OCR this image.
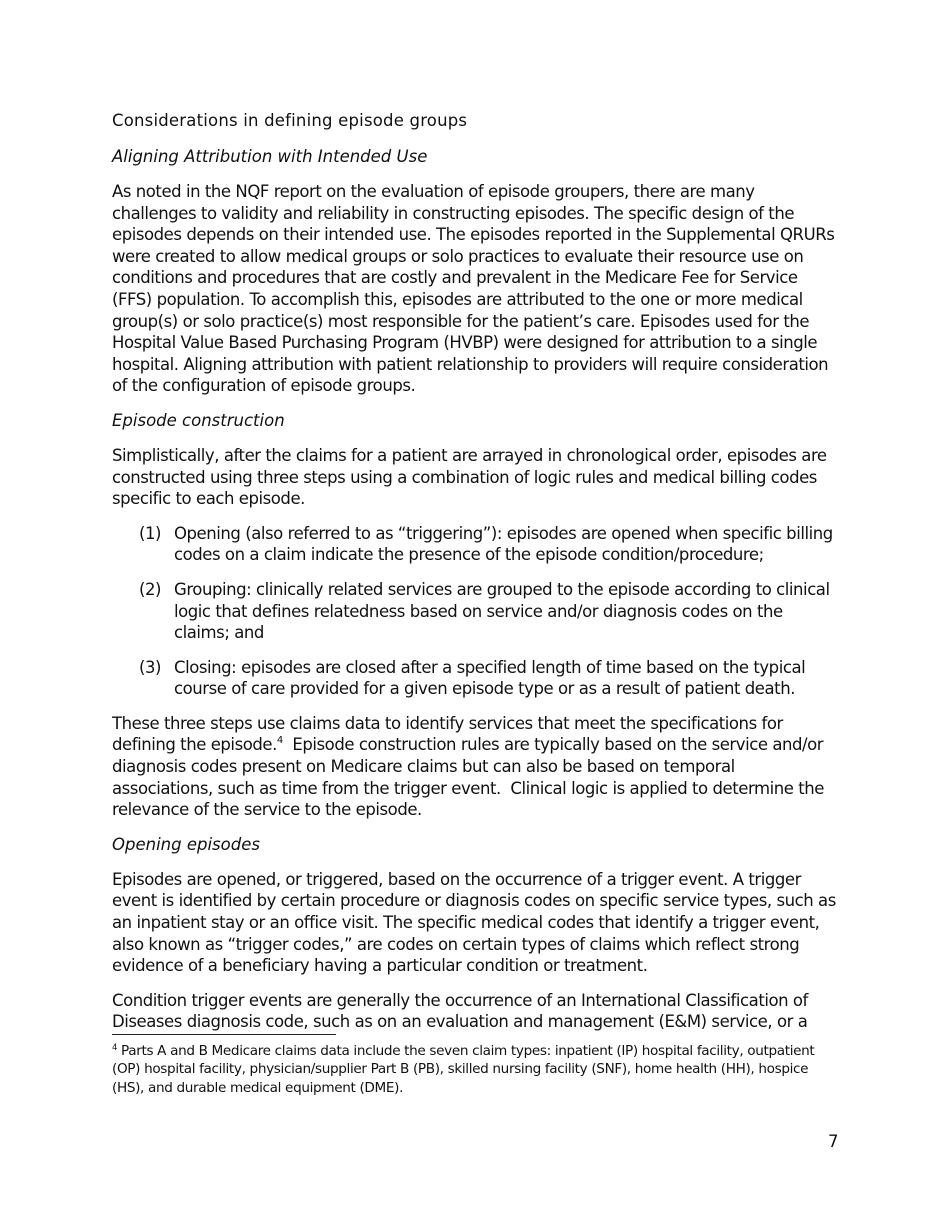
Considerations in defining episode groups
Aligning Attribution with Intended Use

As noted in the NQF report on the evaluation of episode groupers, there are many challenges to validity and reliability in constructing episodes. The specific design of the episodes depends on their intended use. The episodes reported in the Supplemental QRURs were created to allow medical groups or solo practices to evaluate their resource use on conditions and procedures that are costly and prevalent in the Medicare Fee for Service (FFS) population. To accomplish this, episodes are attributed to the one or more medical group(s) or solo practice(s) most responsible for the patient’s care. Episodes used for the Hospital Value Based Purchasing Program (HVBP) were designed for attribution to a single hospital. Aligning attribution with patient relationship to providers will require consideration of the configuration of episode groups.

Episode construction

Simplistically, after the claims for a patient are arrayed in chronological order, episodes are constructed using three steps using a combination of logic rules and medical billing codes specific to each episode.

(1) Opening (also referred to as “triggering”): episodes are opened when specific billing codes on a claim indicate the presence of the episode condition/procedure;
(2) Grouping: clinically related services are grouped to the episode according to clinical logic that defines relatedness based on service and/or diagnosis codes on the claims; and
(3) Closing: episodes are closed after a specified length of time based on the typical course of care provided for a given episode type or as a result of patient death.

These three steps use claims data to identify services that meet the specifications for defining the episode.$^4$  Episode construction rules are typically based on the service and/or diagnosis codes present on Medicare claims but can also be based on temporal associations, such as time from the trigger event.  Clinical logic is applied to determine the relevance of the service to the episode.

Opening episodes

Episodes are opened, or triggered, based on the occurrence of a trigger event. A trigger event is identified by certain procedure or diagnosis codes on specific service types, such as an inpatient stay or an office visit. The specific medical codes that identify a trigger event, also known as “trigger codes,” are codes on certain types of claims which reflect strong evidence of a beneficiary having a particular condition or treatment.

Condition trigger events are generally the occurrence of an International Classification of Diseases diagnosis code, such as on an evaluation and management (E&M) service, or a

$^4$ Parts A and B Medicare claims data include the seven claim types: inpatient (IP) hospital facility, outpatient (OP) hospital facility, physician/supplier Part B (PB), skilled nursing facility (SNF), home health (HH), hospice (HS), and durable medical equipment (DME).
7
